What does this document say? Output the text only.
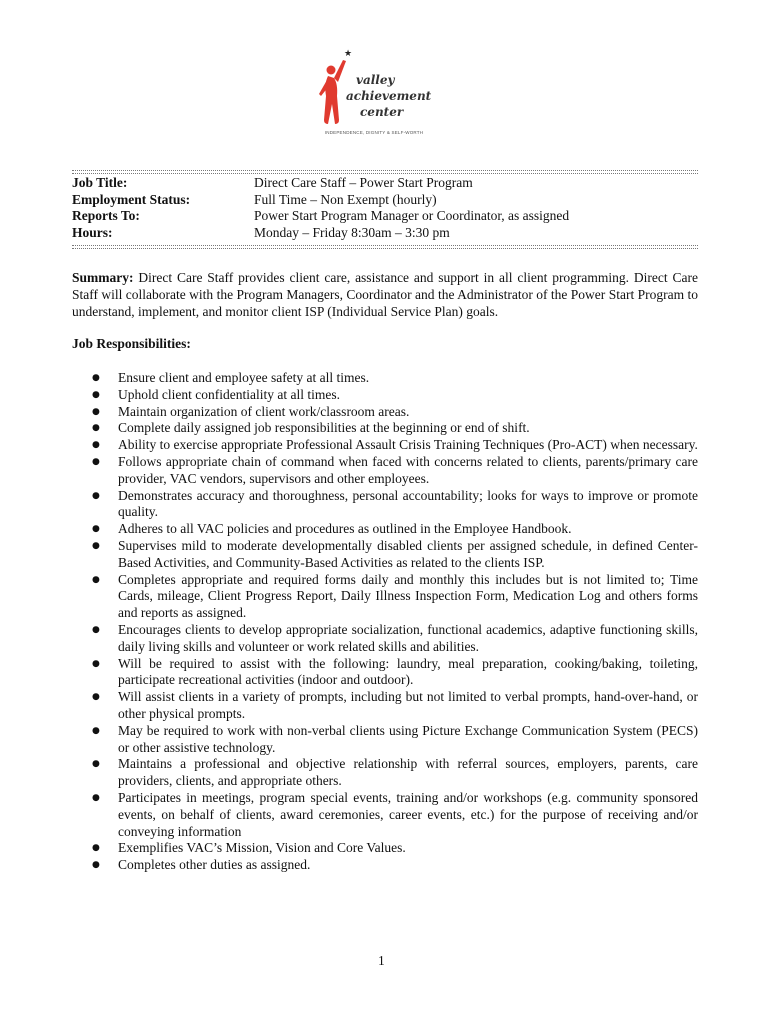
★
valley
achievement
center
INDEPENDENCE, DIGNITY & SELF-WORTH
Job Title:	Direct Care Staff – Power Start Program
Employment Status:	Full Time – Non Exempt (hourly)
Reports To:	Power Start Program Manager or Coordinator, as assigned
Hours:	Monday – Friday 8:30am – 3:30 pm
Summary: Direct Care Staff provides client care, assistance and support in all client programming. Direct Care Staff will collaborate with the Program Managers, Coordinator and the Administrator of the Power Start Program to understand, implement, and monitor client ISP (Individual Service Plan) goals.
Job Responsibilities:
● Ensure client and employee safety at all times.
● Uphold client confidentiality at all times.
● Maintain organization of client work/classroom areas.
● Complete daily assigned job responsibilities at the beginning or end of shift.
● Ability to exercise appropriate Professional Assault Crisis Training Techniques (Pro-ACT) when necessary.
● Follows appropriate chain of command when faced with concerns related to clients, parents/primary care provider, VAC vendors, supervisors and other employees.
● Demonstrates accuracy and thoroughness, personal accountability; looks for ways to improve or promote quality.
● Adheres to all VAC policies and procedures as outlined in the Employee Handbook.
● Supervises mild to moderate developmentally disabled clients per assigned schedule, in defined Center-Based Activities, and Community-Based Activities as related to the clients ISP.
● Completes appropriate and required forms daily and monthly this includes but is not limited to; Time Cards, mileage, Client Progress Report, Daily Illness Inspection Form, Medication Log and others forms and reports as assigned.
● Encourages clients to develop appropriate socialization, functional academics, adaptive functioning skills, daily living skills and volunteer or work related skills and abilities.
● Will be required to assist with the following: laundry, meal preparation, cooking/baking, toileting, participate recreational activities (indoor and outdoor).
● Will assist clients in a variety of prompts, including but not limited to verbal prompts, hand-over-hand, or other physical prompts.
● May be required to work with non-verbal clients using Picture Exchange Communication System (PECS) or other assistive technology.
● Maintains a professional and objective relationship with referral sources, employers, parents, care providers, clients, and appropriate others.
● Participates in meetings, program special events, training and/or workshops (e.g. community sponsored events, on behalf of clients, award ceremonies, career events, etc.) for the purpose of receiving and/or conveying information
● Exemplifies VAC’s Mission, Vision and Core Values.
● Completes other duties as assigned.
1
